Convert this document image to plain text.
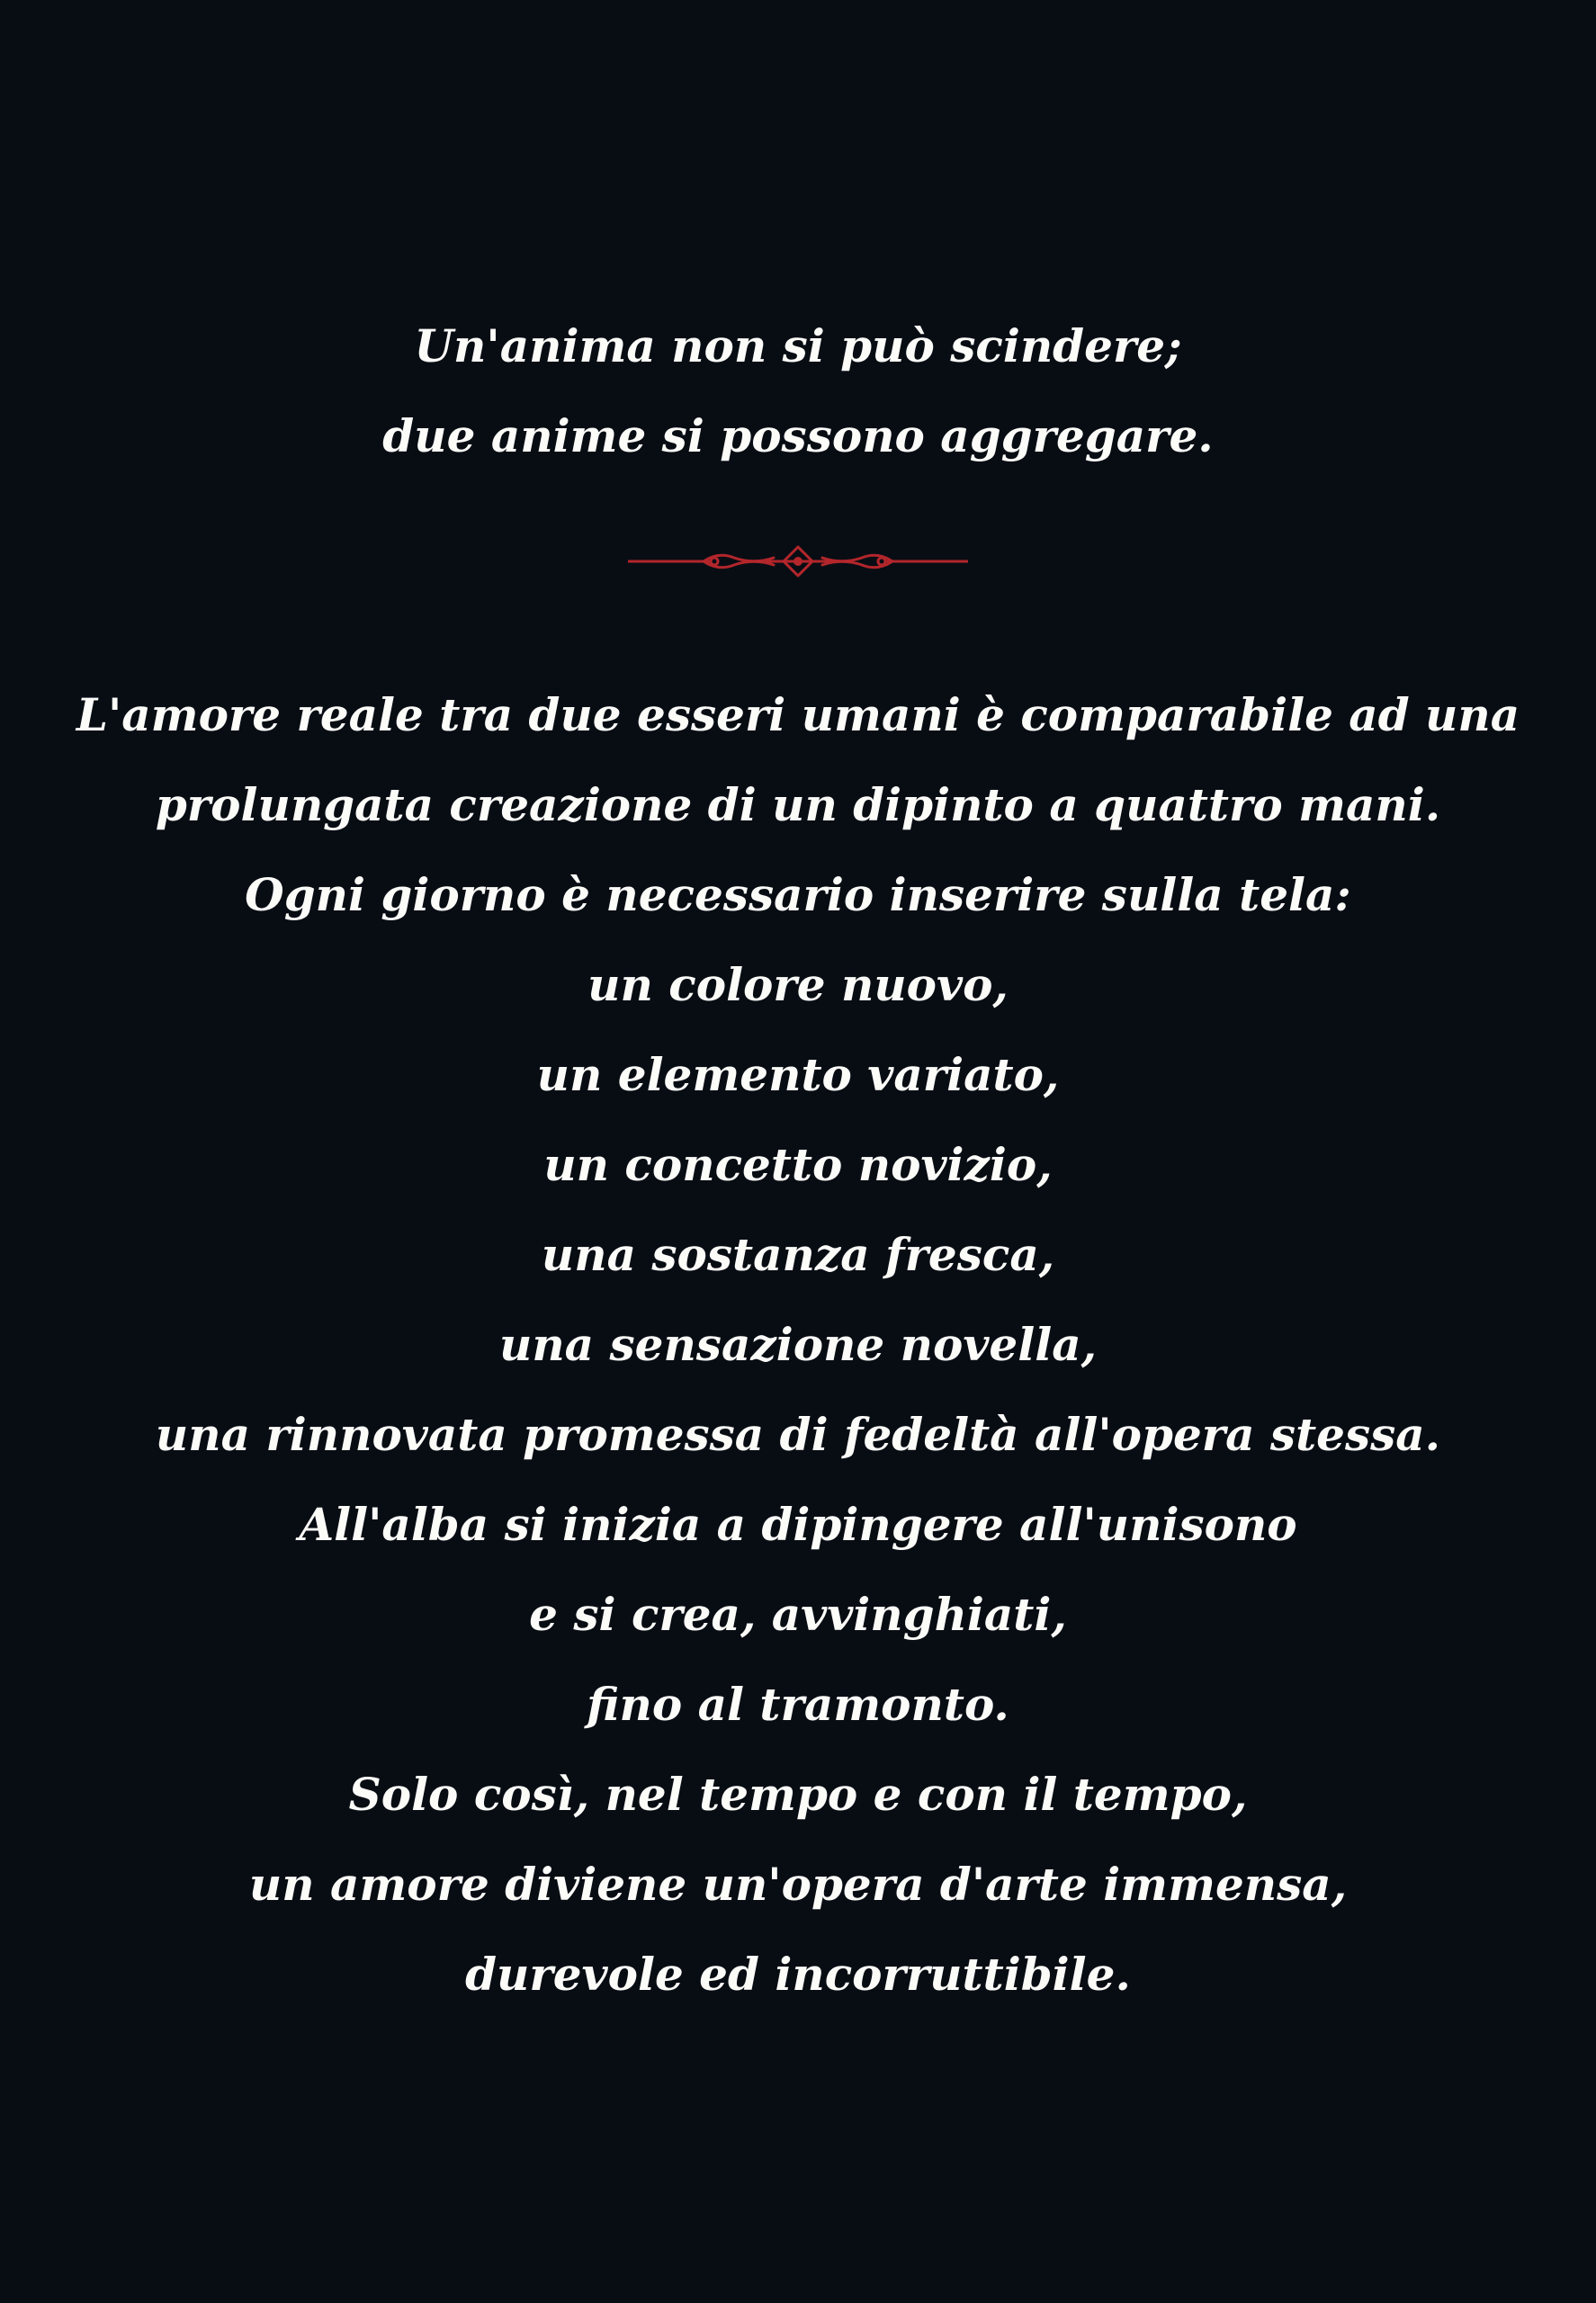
Un'anima non si può scindere;
due anime si possono aggregare.
L'amore reale tra due esseri umani è comparabile ad una
prolungata creazione di un dipinto a quattro mani.
Ogni giorno è necessario inserire sulla tela:
un colore nuovo,
un elemento variato,
un concetto novizio,
una sostanza fresca,
una sensazione novella,
una rinnovata promessa di fedeltà all'opera stessa.
All'alba si inizia a dipingere all'unisono
e si crea, avvinghiati,
fino al tramonto.
Solo così, nel tempo e con il tempo,
un amore diviene un'opera d'arte immensa,
durevole ed incorruttibile.
